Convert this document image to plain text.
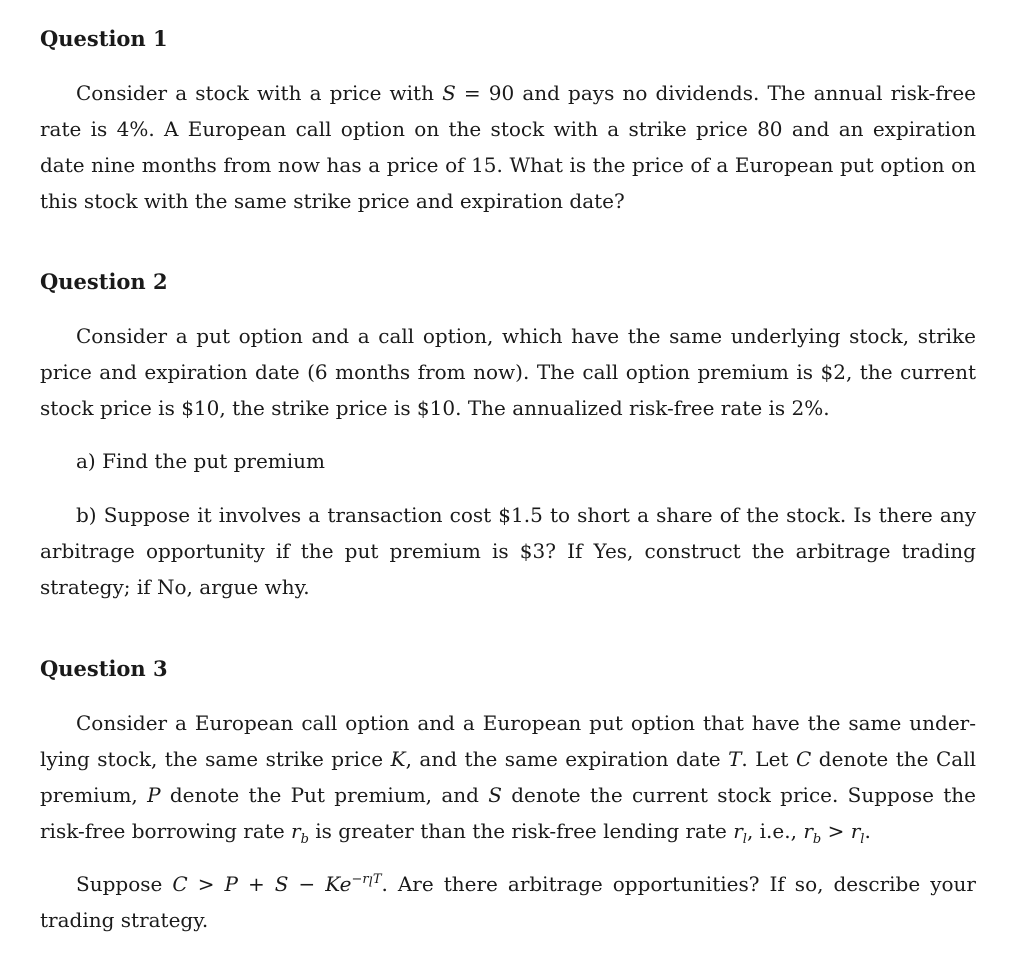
Question 1

Consider a stock with a price with S = 90 and pays no dividends. The annual risk-free rate is 4%. A European call option on the stock with a strike price 80 and an expiration date nine months from now has a price of 15. What is the price of a European put option on this stock with the same strike price and expiration date?

Question 2

Consider a put option and a call option, which have the same underlying stock, strike price and expiration date (6 months from now). The call option premium is $2, the current stock price is $10, the strike price is $10. The annualized risk-free rate is 2%.

a) Find the put premium

b) Suppose it involves a transaction cost $1.5 to short a share of the stock. Is there any arbitrage opportunity if the put premium is $3? If Yes, construct the arbitrage trading strategy; if No, argue why.

Question 3

Consider a European call option and a European put option that have the same under-lying stock, the same strike price K, and the same expiration date T. Let C denote the Call premium, P denote the Put premium, and S denote the current stock price. Suppose the risk-free borrowing rate $r_b$ is greater than the risk-free lending rate $r_l$, i.e., $r_b > r_l$.

Suppose $C > P + S - Ke^{-r_lT}$. Are there arbitrage opportunities? If so, describe your trading strategy.
